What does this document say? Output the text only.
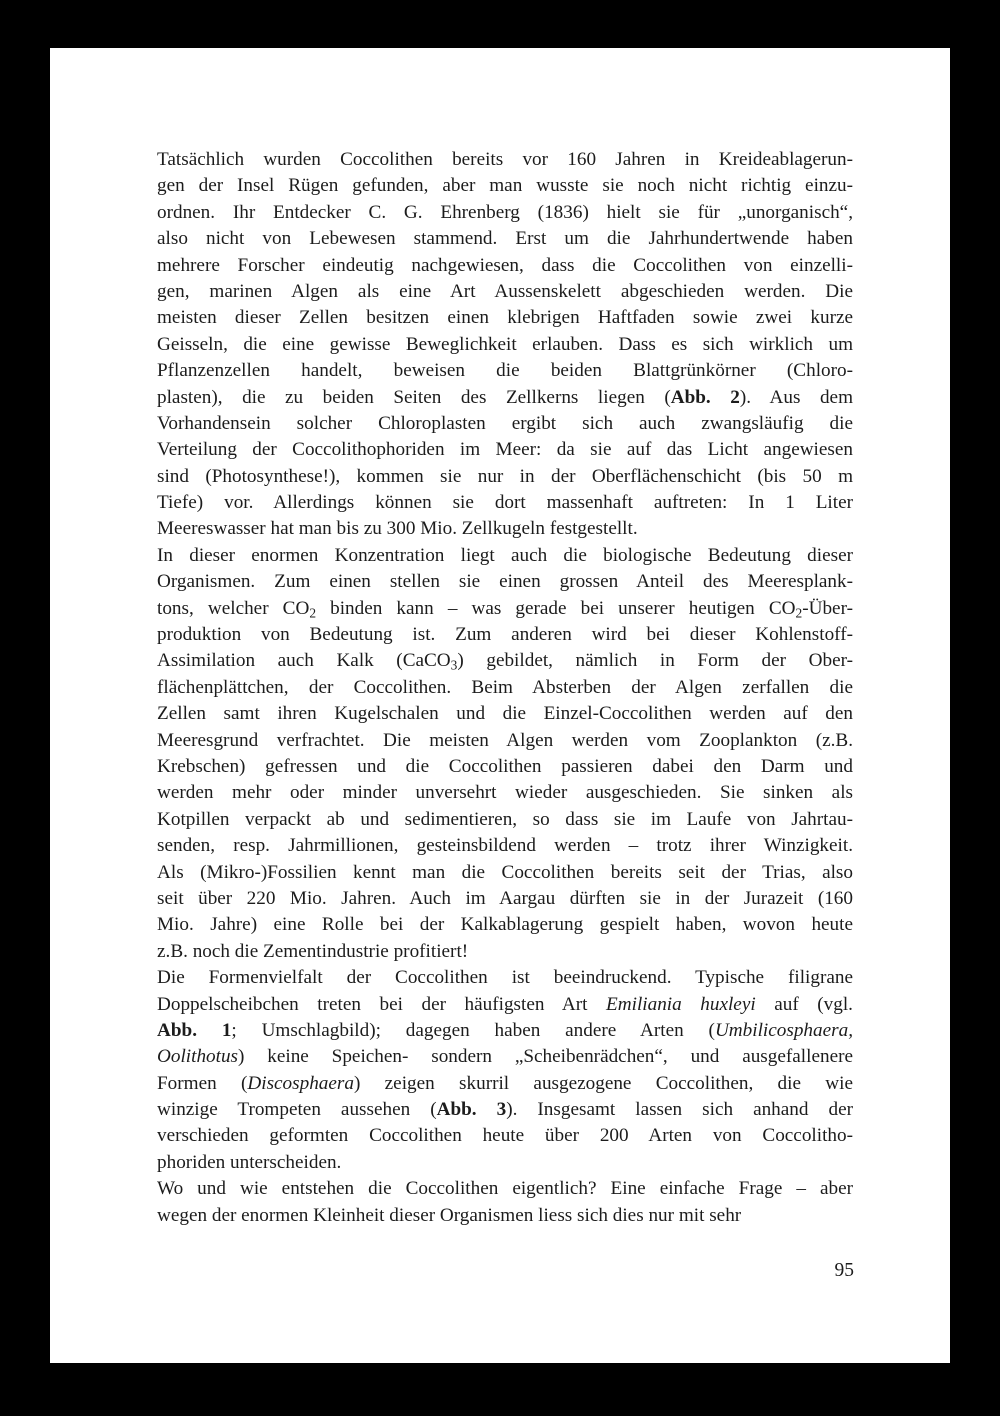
Tatsächlich wurden Coccolithen bereits vor 160 Jahren in Kreideablagerun-
gen der Insel Rügen gefunden, aber man wusste sie noch nicht richtig einzu-
ordnen. Ihr Entdecker C. G. Ehrenberg (1836) hielt sie für „unorganisch“,
also nicht von Lebewesen stammend. Erst um die Jahrhundertwende haben
mehrere Forscher eindeutig nachgewiesen, dass die Coccolithen von einzelli-
gen, marinen Algen als eine Art Aussenskelett abgeschieden werden. Die
meisten dieser Zellen besitzen einen klebrigen Haftfaden sowie zwei kurze
Geisseln, die eine gewisse Beweglichkeit erlauben. Dass es sich wirklich um
Pflanzenzellen handelt, beweisen die beiden Blattgrünkörner (Chloro-
plasten), die zu beiden Seiten des Zellkerns liegen (Abb. 2). Aus dem
Vorhandensein solcher Chloroplasten ergibt sich auch zwangsläufig die
Verteilung der Coccolithophoriden im Meer: da sie auf das Licht angewiesen
sind (Photosynthese!), kommen sie nur in der Oberflächenschicht (bis 50 m
Tiefe) vor. Allerdings können sie dort massenhaft auftreten: In 1 Liter
Meereswasser hat man bis zu 300 Mio. Zellkugeln festgestellt.
In dieser enormen Konzentration liegt auch die biologische Bedeutung dieser
Organismen. Zum einen stellen sie einen grossen Anteil des Meeresplank-
tons, welcher $CO_2$ binden kann – was gerade bei unserer heutigen $CO_2-Über-$
produktion von Bedeutung ist. Zum anderen wird bei dieser Kohlenstoff-
Assimilation auch Kalk (CaCO$_3$) gebildet, nämlich in Form der Ober-
flächenplättchen, der Coccolithen. Beim Absterben der Algen zerfallen die
Zellen samt ihren Kugelschalen und die Einzel-Coccolithen werden auf den
Meeresgrund verfrachtet. Die meisten Algen werden vom Zooplankton (z.B.
Krebschen) gefressen und die Coccolithen passieren dabei den Darm und
werden mehr oder minder unversehrt wieder ausgeschieden. Sie sinken als
Kotpillen verpackt ab und sedimentieren, so dass sie im Laufe von Jahrtau-
senden, resp. Jahrmillionen, gesteinsbildend werden – trotz ihrer Winzigkeit.
Als (Mikro-)Fossilien kennt man die Coccolithen bereits seit der Trias, also
seit über 220 Mio. Jahren. Auch im Aargau dürften sie in der Jurazeit (160
Mio. Jahre) eine Rolle bei der Kalkablagerung gespielt haben, wovon heute
z.B. noch die Zementindustrie profitiert!
Die Formenvielfalt der Coccolithen ist beeindruckend. Typische filigrane
Doppelscheibchen treten bei der häufigsten Art Emiliania huxleyi auf (vgl.
Abb. 1; Umschlagbild); dagegen haben andere Arten (Umbilicosphaera,
Oolithotus) keine Speichen- sondern „Scheibenrädchen“, und ausgefallenere
Formen (Discosphaera) zeigen skurril ausgezogene Coccolithen, die wie
winzige Trompeten aussehen (Abb. 3). Insgesamt lassen sich anhand der
verschieden geformten Coccolithen heute über 200 Arten von Coccolitho-
phoriden unterscheiden.
Wo und wie entstehen die Coccolithen eigentlich? Eine einfache Frage – aber
wegen der enormen Kleinheit dieser Organismen liess sich dies nur mit sehr
95
